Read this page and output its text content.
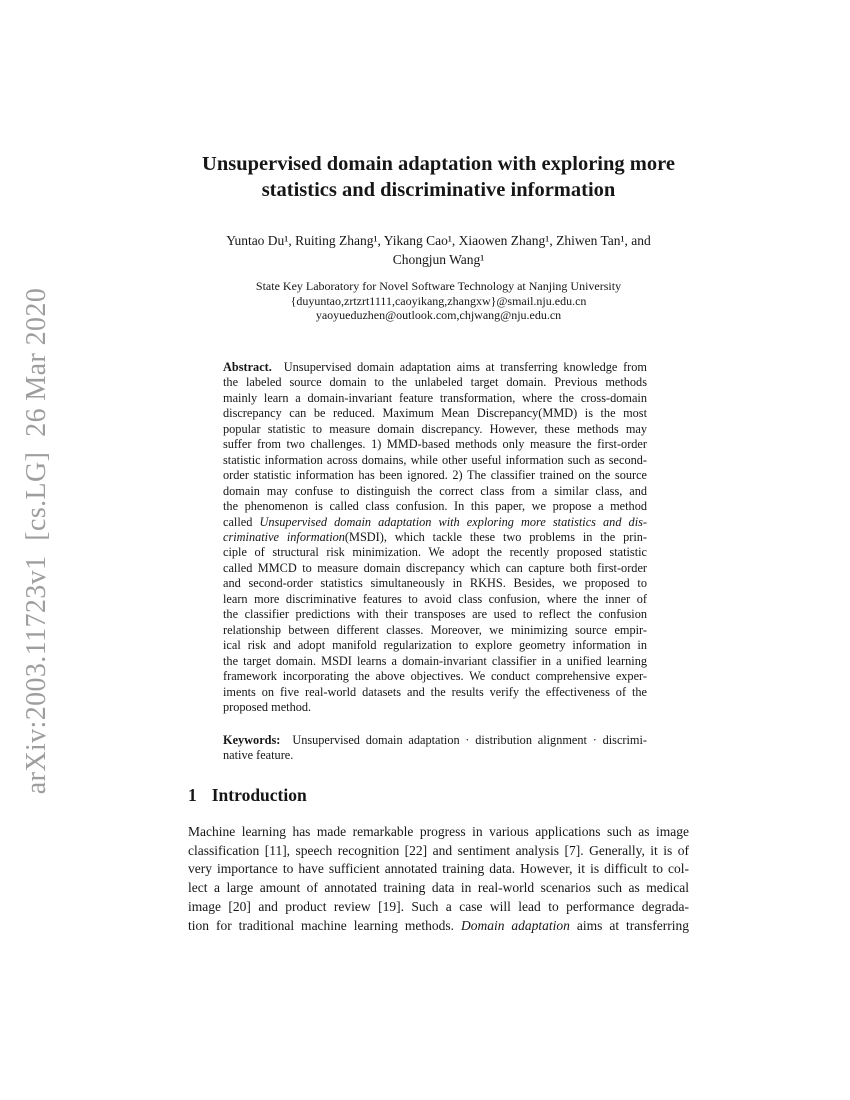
arXiv:2003.11723v1  [cs.LG]  26 Mar 2020
Unsupervised domain adaptation with exploring more
statistics and discriminative information
Yuntao Du¹, Ruiting Zhang¹, Yikang Cao¹, Xiaowen Zhang¹, Zhiwen Tan¹, and
Chongjun Wang¹
State Key Laboratory for Novel Software Technology at Nanjing University
{duyuntao,zrtzrt1111,caoyikang,zhangxw}@smail.nju.edu.cn
yaoyueduzhen@outlook.com,chjwang@nju.edu.cn
Abstract.  Unsupervised domain adaptation aims at transferring knowledge from
the labeled source domain to the unlabeled target domain. Previous methods
mainly learn a domain-invariant feature transformation, where the cross-domain
discrepancy can be reduced. Maximum Mean Discrepancy(MMD) is the most
popular statistic to measure domain discrepancy. However, these methods may
suffer from two challenges. 1) MMD-based methods only measure the first-order
statistic information across domains, while other useful information such as second-
order statistic information has been ignored. 2) The classifier trained on the source
domain may confuse to distinguish the correct class from a similar class, and
the phenomenon is called class confusion. In this paper, we propose a method
called Unsupervised domain adaptation with exploring more statistics and dis-
criminative information(MSDI), which tackle these two problems in the prin-
ciple of structural risk minimization. We adopt the recently proposed statistic
called MMCD to measure domain discrepancy which can capture both first-order
and second-order statistics simultaneously in RKHS. Besides, we proposed to
learn more discriminative features to avoid class confusion, where the inner of
the classifier predictions with their transposes are used to reflect the confusion
relationship between different classes. Moreover, we minimizing source empir-
ical risk and adopt manifold regularization to explore geometry information in
the target domain. MSDI learns a domain-invariant classifier in a unified learning
framework incorporating the above objectives. We conduct comprehensive exper-
iments on five real-world datasets and the results verify the effectiveness of the
proposed method.
Keywords:  Unsupervised domain adaptation · distribution alignment · discrimi-
native feature.
1 Introduction
Machine learning has made remarkable progress in various applications such as image
classification [11], speech recognition [22] and sentiment analysis [7]. Generally, it is of
very importance to have sufficient annotated training data. However, it is difficult to col-
lect a large amount of annotated training data in real-world scenarios such as medical
image [20] and product review [19]. Such a case will lead to performance degrada-
tion for traditional machine learning methods. Domain adaptation aims at transferring
